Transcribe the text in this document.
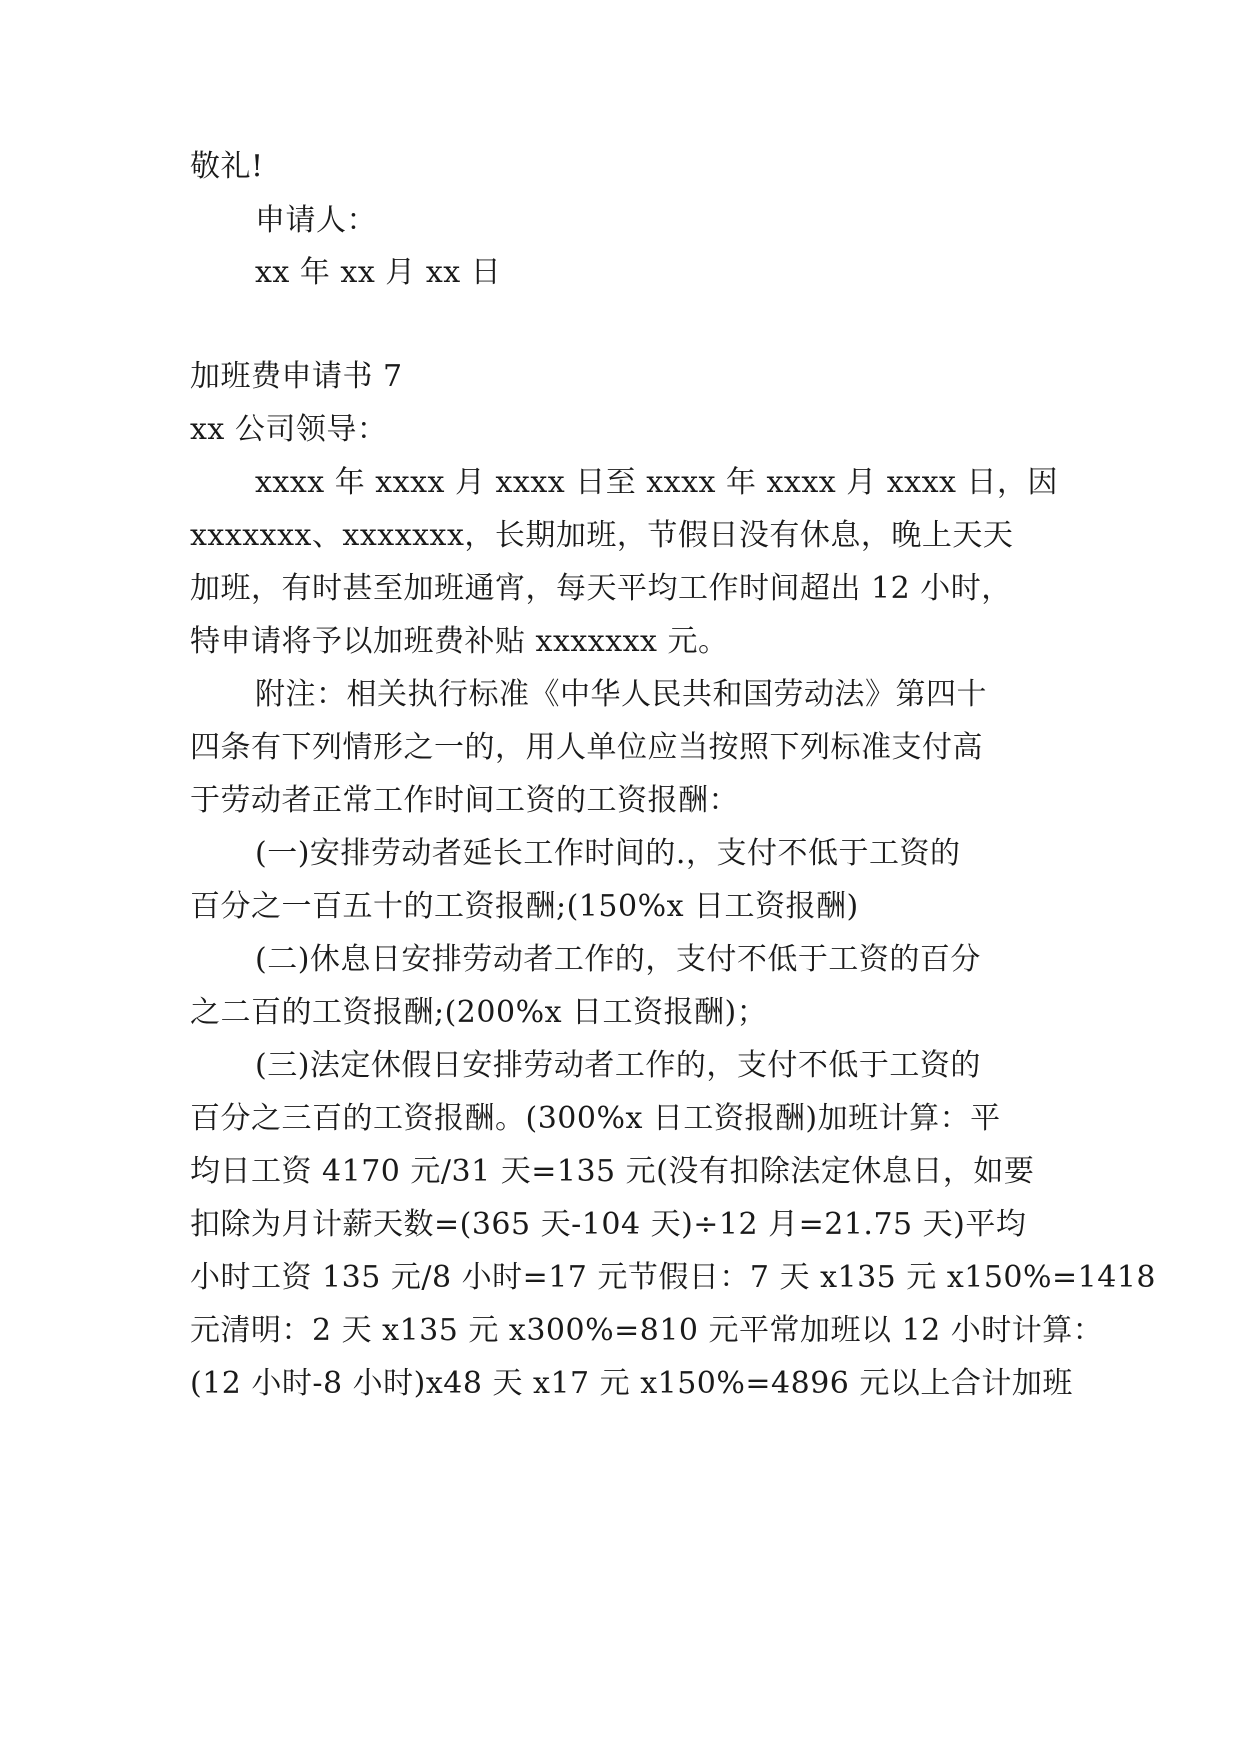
敬礼!
申请人：
xx 年 xx 月 xx 日
加班费申请书 7
xx 公司领导：
xxxx 年 xxxx 月 xxxx 日至 xxxx 年 xxxx 月 xxxx 日，因
xxxxxxx、xxxxxxx，长期加班，节假日没有休息，晚上天天
加班，有时甚至加班通宵，每天平均工作时间超出 12 小时，
特申请将予以加班费补贴 xxxxxxx 元。
附注：相关执行标准《中华人民共和国劳动法》第四十
四条有下列情形之一的，用人单位应当按照下列标准支付高
于劳动者正常工作时间工资的工资报酬：
(一)安排劳动者延长工作时间的.，支付不低于工资的
百分之一百五十的工资报酬;(150%x 日工资报酬)
(二)休息日安排劳动者工作的，支付不低于工资的百分
之二百的工资报酬;(200%x 日工资报酬)；
(三)法定休假日安排劳动者工作的，支付不低于工资的
百分之三百的工资报酬。(300%x 日工资报酬)加班计算：平
均日工资 4170 元/31 天=135 元(没有扣除法定休息日，如要
扣除为月计薪天数=(365 天-104 天)÷12 月=21.75 天)平均
小时工资 135 元/8 小时=17 元节假日：7 天 x135 元 x150%=1418
元清明：2 天 x135 元 x300%=810 元平常加班以 12 小时计算：
(12 小时-8 小时)x48 天 x17 元 x150%=4896 元以上合计加班
